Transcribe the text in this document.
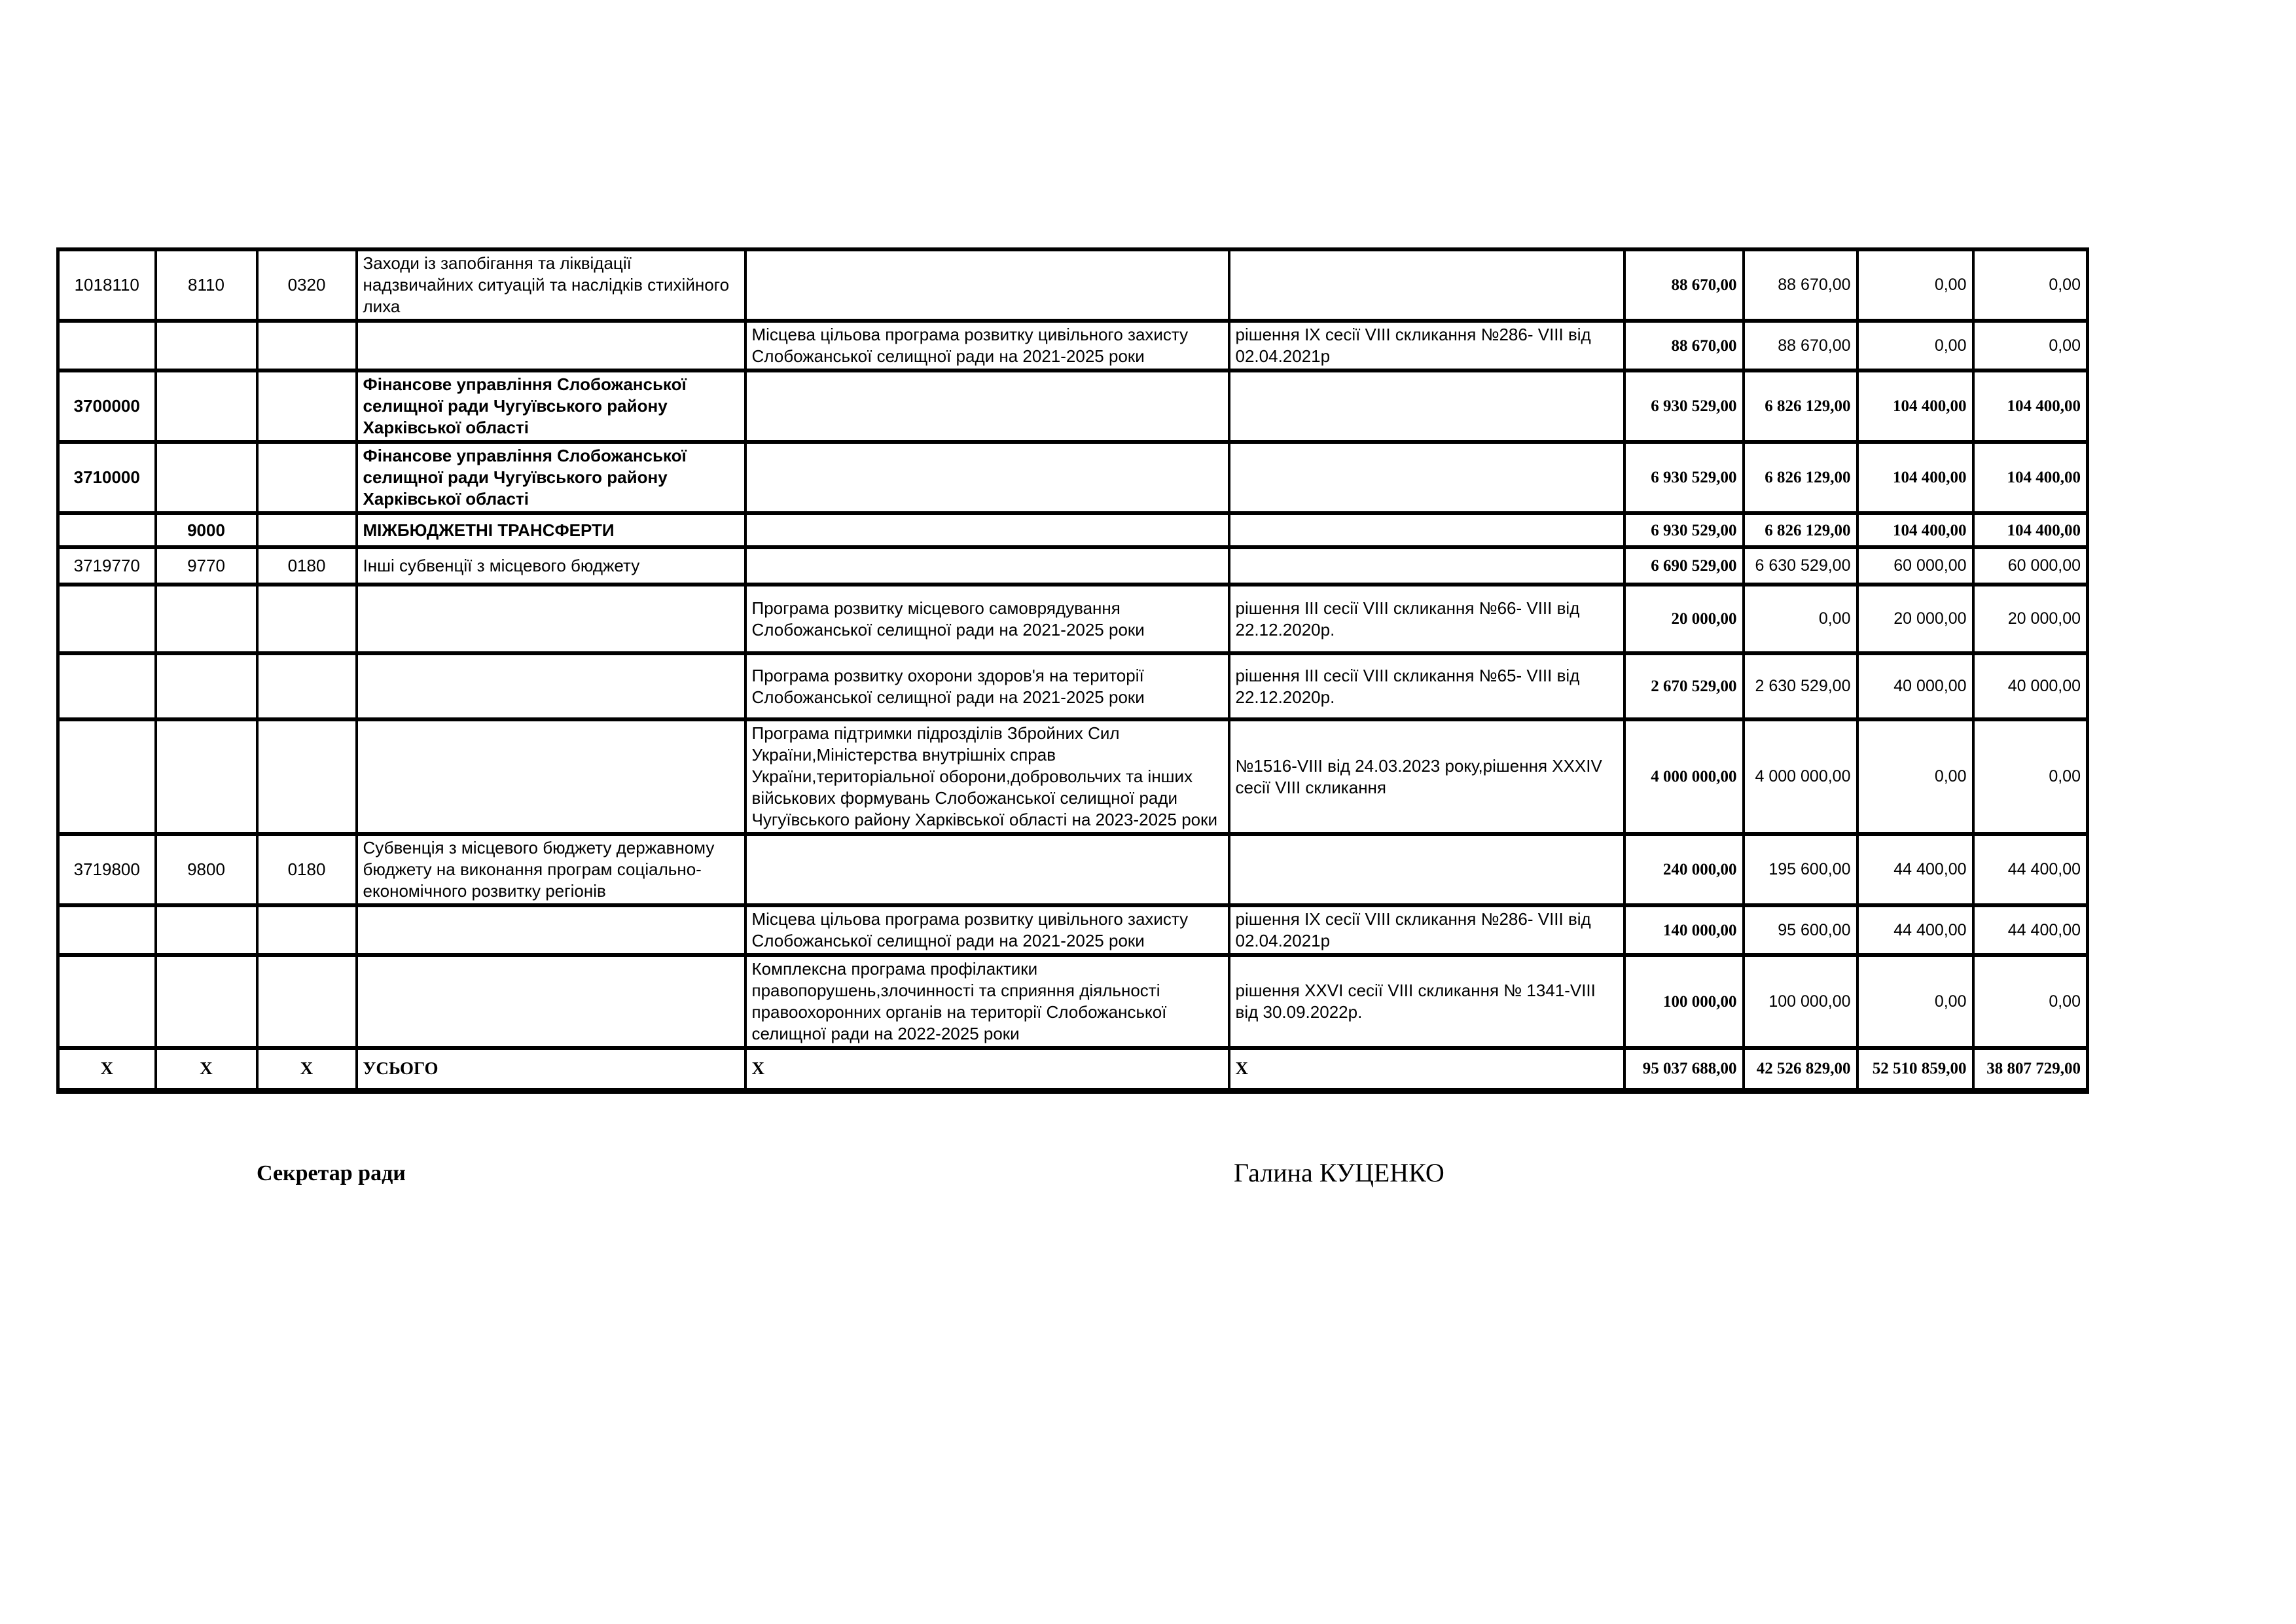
1018110	8110	0320	Заходи із запобігання та ліквідації надзвичайних ситуацій та наслідків стихійного лиха			88 670,00	88 670,00	0,00	0,00
				Місцева цільова програма розвитку цивільного захисту Слобожанської селищної ради на 2021-2025 роки	рішення IX сесії VIII скликання №286- VIII від 02.04.2021р	88 670,00	88 670,00	0,00	0,00
3700000			Фінансове управління Слобожанської селищної ради Чугуївського району Харківської області			6 930 529,00	6 826 129,00	104 400,00	104 400,00
3710000			Фінансове управління Слобожанської селищної ради Чугуївського району Харківської області			6 930 529,00	6 826 129,00	104 400,00	104 400,00
	9000		МІЖБЮДЖЕТНІ ТРАНСФЕРТИ			6 930 529,00	6 826 129,00	104 400,00	104 400,00
3719770	9770	0180	Інші субвенції з місцевого бюджету			6 690 529,00	6 630 529,00	60 000,00	60 000,00
				Програма розвитку місцевого самоврядування Слобожанської селищної ради на 2021-2025 роки	рішення III сесії VIII скликання №66- VIII від 22.12.2020р.	20 000,00	0,00	20 000,00	20 000,00
				Програма розвитку охорони здоров'я на території Слобожанської селищної ради на 2021-2025 роки	рішення III сесії VIII скликання №65- VIII від 22.12.2020р.	2 670 529,00	2 630 529,00	40 000,00	40 000,00
				Програма підтримки підрозділів Збройних Сил України,Міністерства внутрішніх справ України,територіальної оборони,добровольчих та інших військових формувань Слобожанської селищної ради Чугуївського району Харківської області на 2023-2025 роки	№1516-VIII від 24.03.2023 року,рішення XXXIV сесії VIII скликання	4 000 000,00	4 000 000,00	0,00	0,00
3719800	9800	0180	Субвенція з місцевого бюджету державному бюджету на виконання програм соціально-економічного розвитку регіонів			240 000,00	195 600,00	44 400,00	44 400,00
				Місцева цільова програма розвитку цивільного захисту Слобожанської селищної ради на 2021-2025 роки	рішення IX сесії VIII скликання №286- VIII від 02.04.2021р	140 000,00	95 600,00	44 400,00	44 400,00
				Комплексна програма профілактики правопорушень,злочинності та сприяння діяльності правоохоронних органів на території Слобожанської селищної ради на 2022-2025 роки	рішення XXVI сесії VIII скликання № 1341-VIII від 30.09.2022р.	100 000,00	100 000,00	0,00	0,00
X	X	X	УСЬОГО	X	X	95 037 688,00	42 526 829,00	52 510 859,00	38 807 729,00
Секретар ради	Галина КУЦЕНКО
